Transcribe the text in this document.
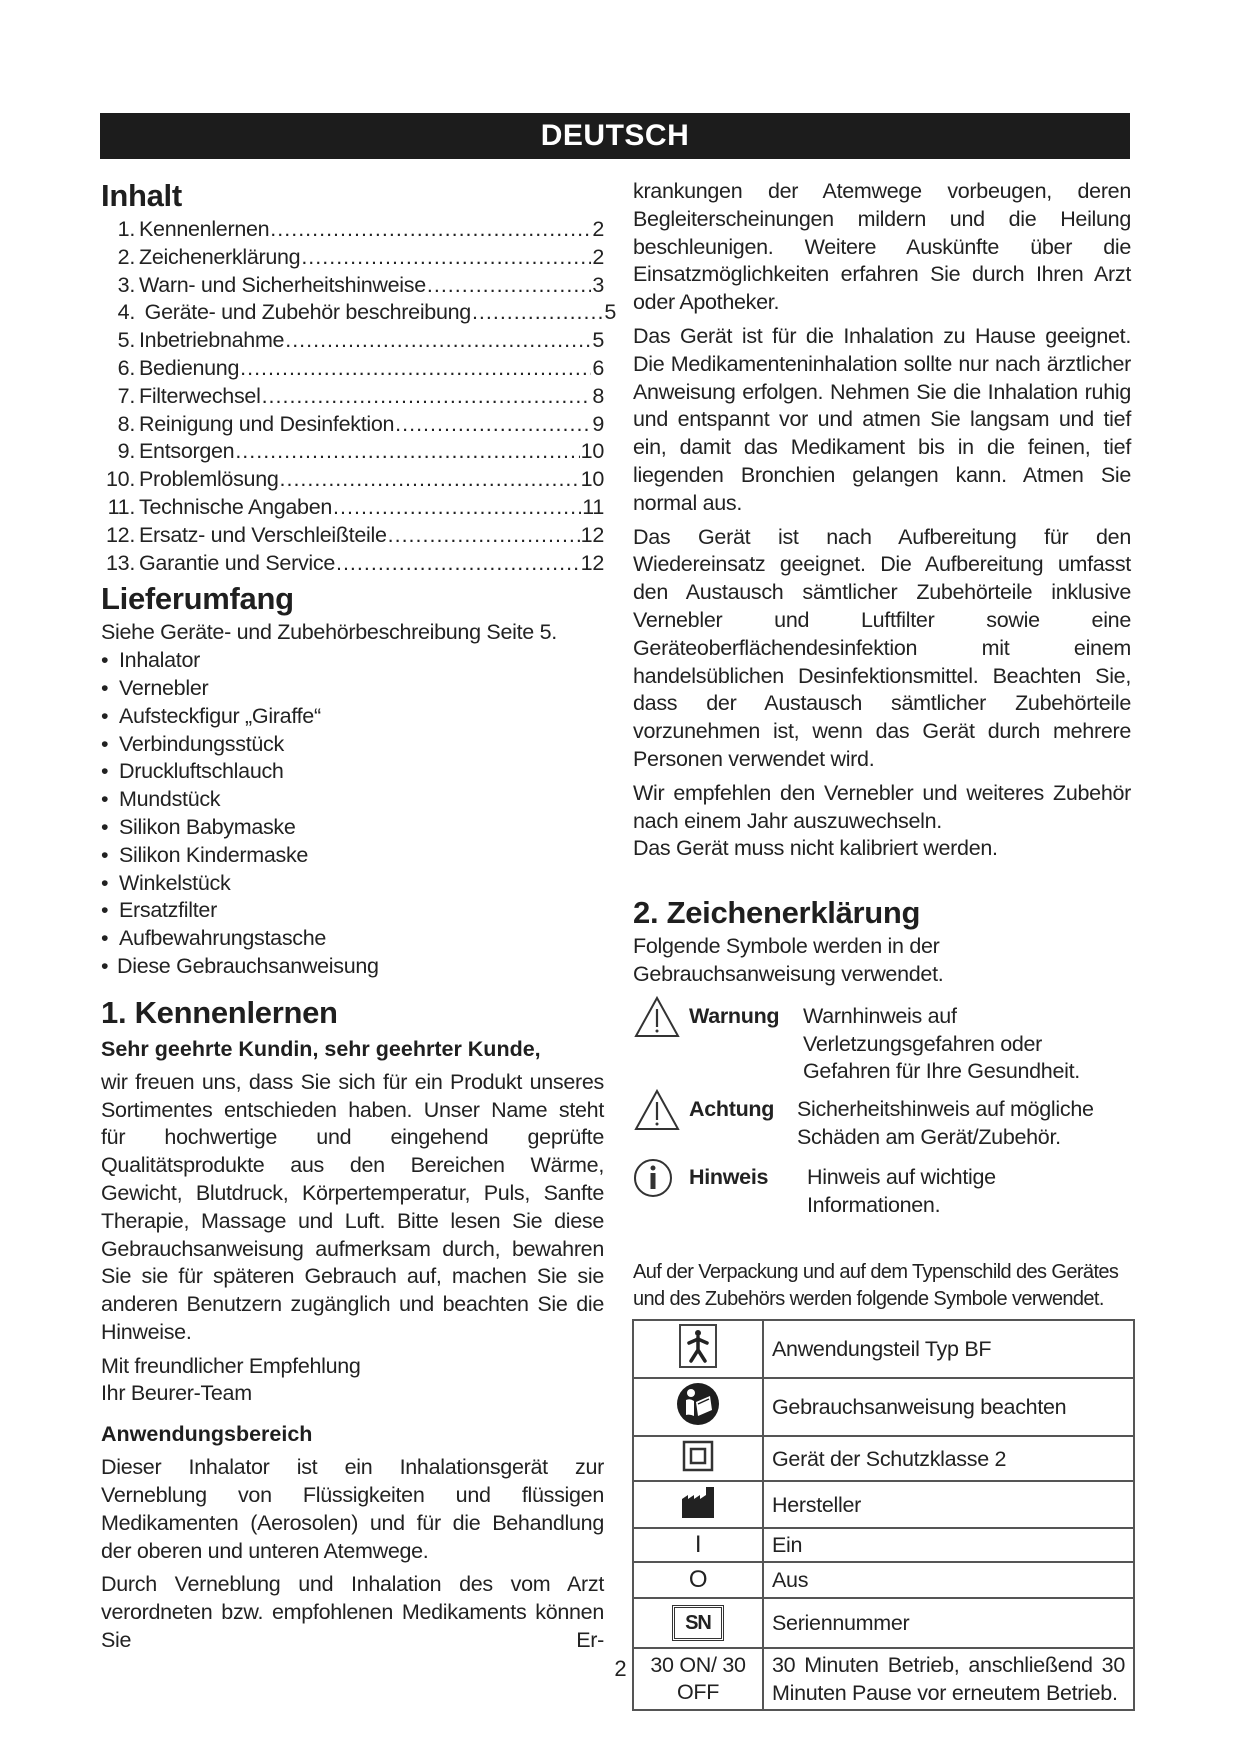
DEUTSCH
Inhalt
1. Kennenlernen .....	2
2. Zeichenerklärung .....	2
3. Warn- und Sicherheitshinweise .....	3
4. Geräte- und Zubehör beschreibung .....	5
5. Inbetriebnahme .....	5
6. Bedienung .....	6
7. Filterwechsel .....	8
8. Reinigung und Desinfektion .....	9
9. Entsorgen .....	10
10. Problemlösung .....	10
11. Technische Angaben .....	11
12. Ersatz- und Verschleißteile .....	12
13. Garantie und Service .....	12
Lieferumfang
Siehe Geräte- und Zubehörbeschreibung Seite 5.
• Inhalator
• Vernebler
• Aufsteckfigur „Giraffe“
• Verbindungsstück
• Druckluftschlauch
• Mundstück
• Silikon Babymaske
• Silikon Kindermaske
• Winkelstück
• Ersatzfilter
• Aufbewahrungstasche
• Diese Gebrauchsanweisung
1. Kennenlernen
Sehr geehrte Kundin, sehr geehrter Kunde,

wir freuen uns, dass Sie sich für ein Produkt unseres Sortimentes entschieden haben. Unser Name steht für hochwertige und eingehend geprüfte Qualitätsprodukte aus den Bereichen Wärme, Gewicht, Blutdruck, Körpertemperatur, Puls, Sanfte Therapie, Massage und Luft. Bitte lesen Sie diese Gebrauchsanweisung aufmerksam durch, bewahren Sie sie für späteren Gebrauch auf, machen Sie sie anderen Benutzern zugänglich und beachten Sie die Hinweise.

Mit freundlicher Empfehlung
Ihr Beurer-Team
Anwendungsbereich

Dieser Inhalator ist ein Inhalationsgerät zur Verneblung von Flüssigkeiten und flüssigen Medikamenten (Aerosolen) und für die Behandlung der oberen und unteren Atemwege.

Durch Verneblung und Inhalation des vom Arzt verordneten bzw. empfohlenen Medikaments können Sie Er-

krankungen der Atemwege vorbeugen, deren Begleiterscheinungen mildern und die Heilung beschleunigen. Weitere Auskünfte über die Einsatzmöglichkeiten erfahren Sie durch Ihren Arzt oder Apotheker.

Das Gerät ist für die Inhalation zu Hause geeignet. Die Medikamenteninhalation sollte nur nach ärztlicher Anweisung erfolgen. Nehmen Sie die Inhalation ruhig und entspannt vor und atmen Sie langsam und tief ein, damit das Medikament bis in die feinen, tief liegenden Bronchien gelangen kann. Atmen Sie normal aus.

Das Gerät ist nach Aufbereitung für den Wiedereinsatz geeignet. Die Aufbereitung umfasst den Austausch sämtlicher Zubehörteile inklusive Vernebler und Luftfilter sowie eine Geräteoberflächendesinfektion mit einem handelsüblichen Desinfektionsmittel. Beachten Sie, dass der Austausch sämtlicher Zubehörteile vorzunehmen ist, wenn das Gerät durch mehrere Personen verwendet wird.

Wir empfehlen den Vernebler und weiteres Zubehör nach einem Jahr auszuwechseln.

Das Gerät muss nicht kalibriert werden.
2. Zeichenerklärung
Folgende Symbole werden in der Gebrauchsanweisung verwendet.
Warnung	Warnhinweis auf Verletzungsgefahren oder Gefahren für Ihre Gesundheit.
Achtung	Sicherheitshinweis auf mögliche Schäden am Gerät/Zubehör.
Hinweis	Hinweis auf wichtige Informationen.
Auf der Verpackung und auf dem Typenschild des Gerätes und des Zubehörs werden folgende Symbole verwendet.
	Anwendungsteil Typ BF
	Gebrauchsanweisung beachten
	Gerät der Schutzklasse 2
	Hersteller
I	Ein
O	Aus
SN	Seriennummer
30 ON/ 30 OFF	30 Minuten Betrieb, anschließend 30 Minuten Pause vor erneutem Betrieb.
2
